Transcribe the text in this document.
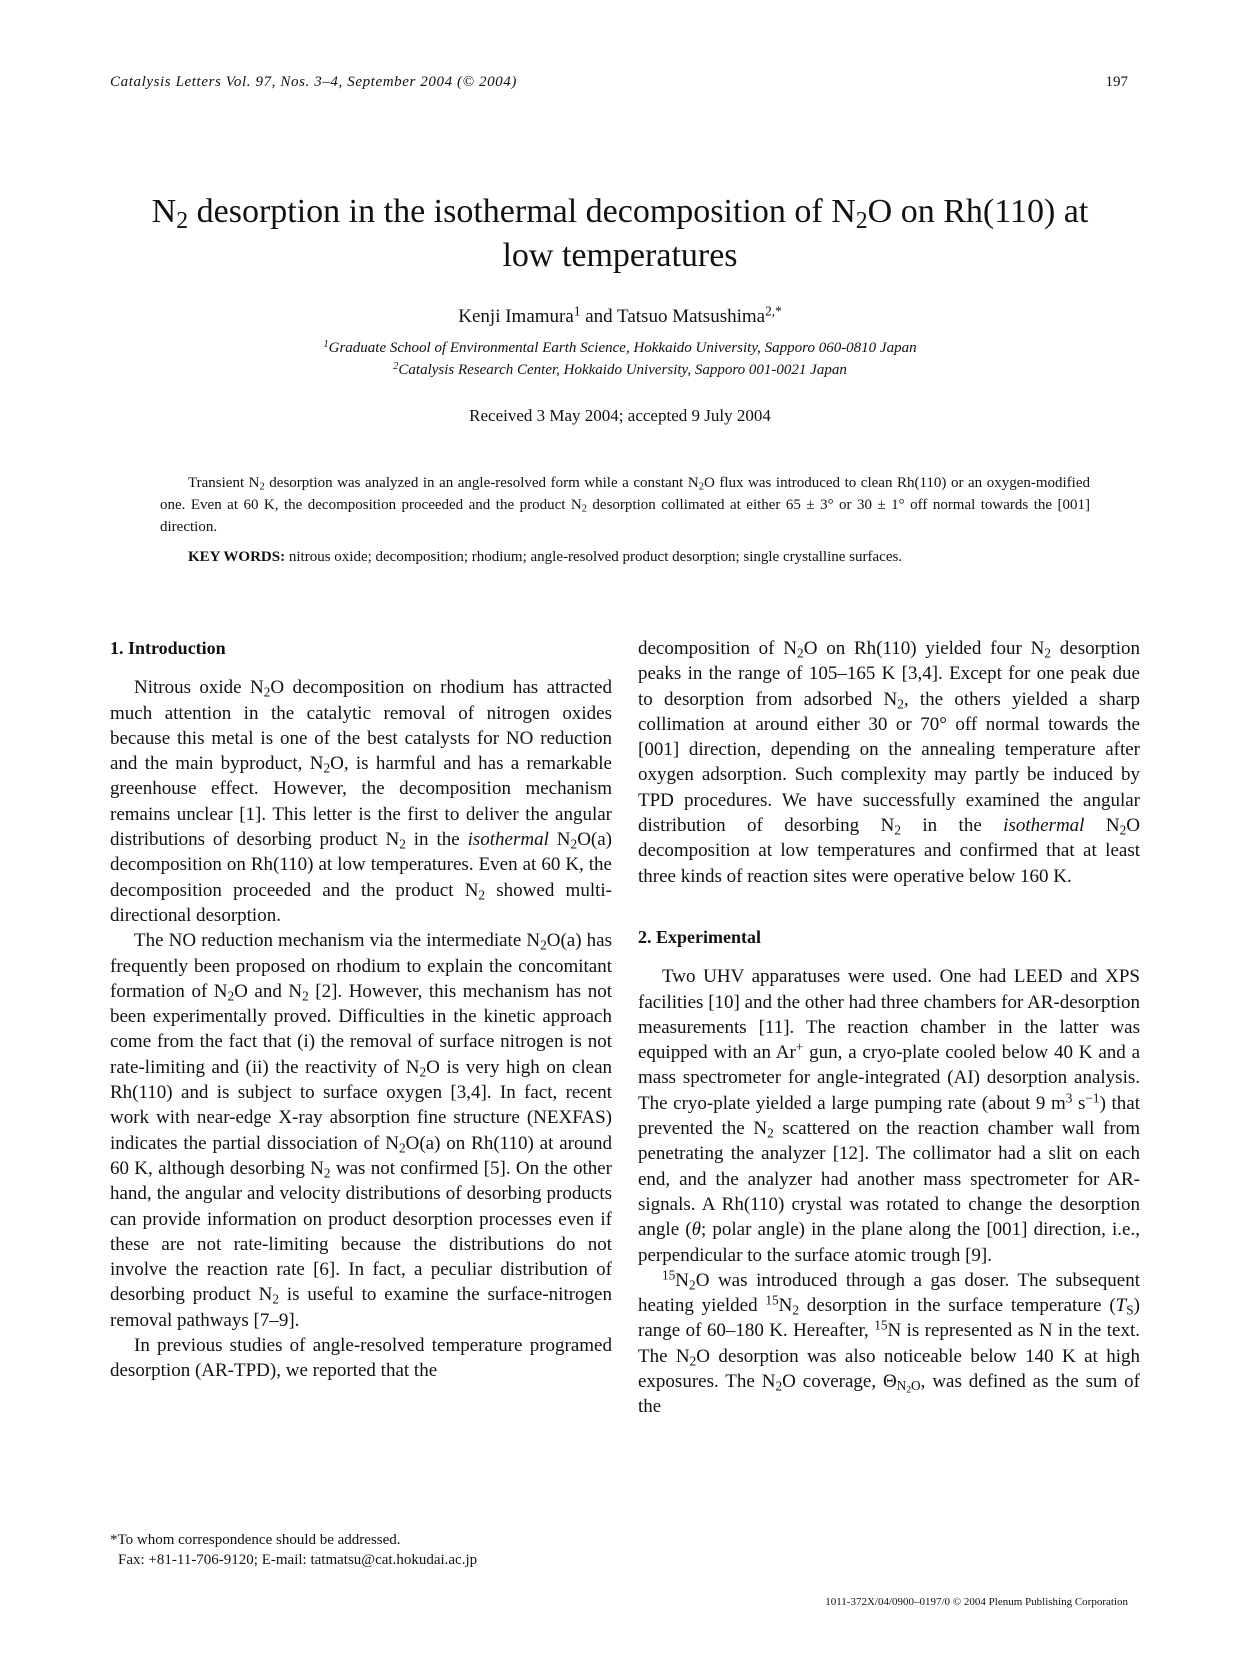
Catalysis Letters Vol. 97, Nos. 3–4, September 2004 (© 2004)	197
$N_2$ desorption in the isothermal decomposition of $N_2O$ on Rh(110) at
low temperatures
Kenji Imamura$^1$ and Tatsuo Matsushima$^{2,*}$
$^1$Graduate School of Environmental Earth Science, Hokkaido University, Sapporo 060-0810 Japan
$^2$Catalysis Research Center, Hokkaido University, Sapporo 001-0021 Japan
Received 3 May 2004; accepted 9 July 2004
Transient $N_2$ desorption was analyzed in an angle-resolved form while a constant $N_2O$ flux was introduced to clean Rh(110) or an oxygen-modified one. Even at 60 K, the decomposition proceeded and the product $N_2$ desorption collimated at either 65 ± 3° or 30 ± 1° off normal towards the [001] direction.
KEY WORDS: nitrous oxide; decomposition; rhodium; angle-resolved product desorption; single crystalline surfaces.
1. Introduction

Nitrous oxide $N_2O$ decomposition on rhodium has attracted much attention in the catalytic removal of nitrogen oxides because this metal is one of the best catalysts for NO reduction and the main byproduct, $N_2O$, is harmful and has a remarkable greenhouse effect. However, the decomposition mechanism remains unclear [1]. This letter is the first to deliver the angular distributions of desorbing product $N_2$ in the isothermal $N_2O(a)$ decomposition on Rh(110) at low temperatures. Even at 60 K, the decomposition proceeded and the product $N_2$ showed multi-directional desorption.

The NO reduction mechanism via the intermediate $N_2O(a)$ has frequently been proposed on rhodium to explain the concomitant formation of $N_2O$ and $N_2$ [2]. However, this mechanism has not been experimentally proved. Difficulties in the kinetic approach come from the fact that (i) the removal of surface nitrogen is not rate-limiting and (ii) the reactivity of $N_2O$ is very high on clean Rh(110) and is subject to surface oxygen [3,4]. In fact, recent work with near-edge X-ray absorption fine structure (NEXFAS) indicates the partial dissociation of $N_2O(a)$ on Rh(110) at around 60 K, although desorbing $N_2$ was not confirmed [5]. On the other hand, the angular and velocity distributions of desorbing products can provide information on product desorption processes even if these are not rate-limiting because the distributions do not involve the reaction rate [6]. In fact, a peculiar distribution of desorbing product $N_2$ is useful to examine the surface-nitrogen removal pathways [7–9].

In previous studies of angle-resolved temperature programed desorption (AR-TPD), we reported that the

decomposition of $N_2O$ on Rh(110) yielded four $N_2$ desorption peaks in the range of 105–165 K [3,4]. Except for one peak due to desorption from adsorbed $N_2$, the others yielded a sharp collimation at around either 30 or 70° off normal towards the [001] direction, depending on the annealing temperature after oxygen adsorption. Such complexity may partly be induced by TPD procedures. We have successfully examined the angular distribution of desorbing $N_2$ in the isothermal $N_2O$ decomposition at low temperatures and confirmed that at least three kinds of reaction sites were operative below 160 K.

2. Experimental

Two UHV apparatuses were used. One had LEED and XPS facilities [10] and the other had three chambers for AR-desorption measurements [11]. The reaction chamber in the latter was equipped with an Ar+ gun, a cryo-plate cooled below 40 K and a mass spectrometer for angle-integrated (AI) desorption analysis. The cryo-plate yielded a large pumping rate (about 9 $m^3$ $s^{-1}$) that prevented the $N_2$ scattered on the reaction chamber wall from penetrating the analyzer [12]. The collimator had a slit on each end, and the analyzer had another mass spectrometer for AR-signals. A Rh(110) crystal was rotated to change the desorption angle (θ; polar angle) in the plane along the [001] direction, i.e., perpendicular to the surface atomic trough [9].

$^{15}N_2O$ was introduced through a gas doser. The subsequent heating yielded $^{15}N_2$ desorption in the surface temperature $(T_S)$ range of 60–180 K. Hereafter, $^{15}$N is represented as N in the text. The $N_2O$ desorption was also noticeable below 140 K at high exposures. The $N_2O$ coverage, $\Theta_{N_2O}$, was defined as the sum of the

*To whom correspondence should be addressed.
Fax: +81-11-706-9120; E-mail: tatmatsu@cat.hokudai.ac.jp
1011-372X/04/0900–0197/0 © 2004 Plenum Publishing Corporation
